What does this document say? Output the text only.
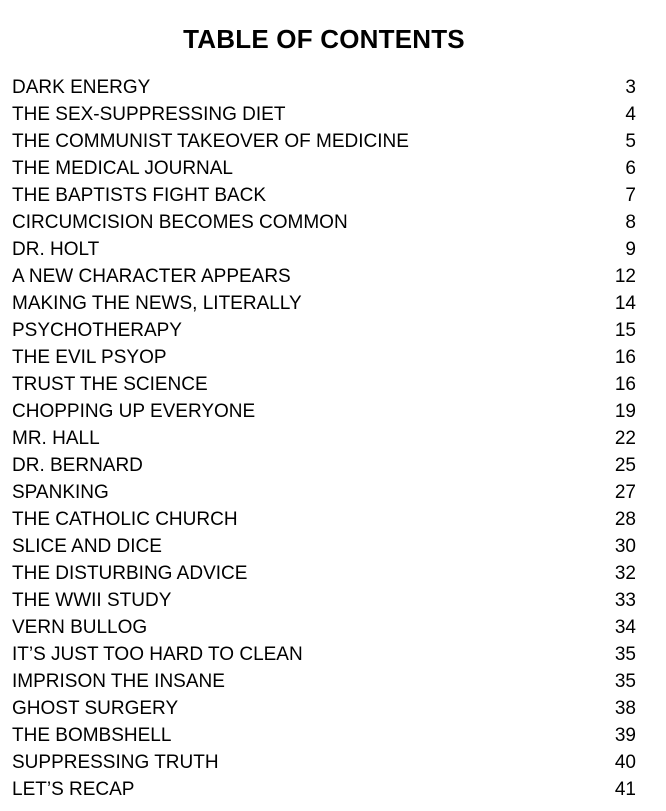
TABLE OF CONTENTS
DARK ENERGY	3
THE SEX-SUPPRESSING DIET	4
THE COMMUNIST TAKEOVER OF MEDICINE	5
THE MEDICAL JOURNAL	6
THE BAPTISTS FIGHT BACK	7
CIRCUMCISION BECOMES COMMON	8
DR. HOLT	9
A NEW CHARACTER APPEARS	12
MAKING THE NEWS, LITERALLY	14
PSYCHOTHERAPY	15
THE EVIL PSYOP	16
TRUST THE SCIENCE	16
CHOPPING UP EVERYONE	19
MR. HALL	22
DR. BERNARD	25
SPANKING	27
THE CATHOLIC CHURCH	28
SLICE AND DICE	30
THE DISTURBING ADVICE	32
THE WWII STUDY	33
VERN BULLOG	34
IT’S JUST TOO HARD TO CLEAN	35
IMPRISON THE INSANE	35
GHOST SURGERY	38
THE BOMBSHELL	39
SUPPRESSING TRUTH	40
LET’S RECAP	41
